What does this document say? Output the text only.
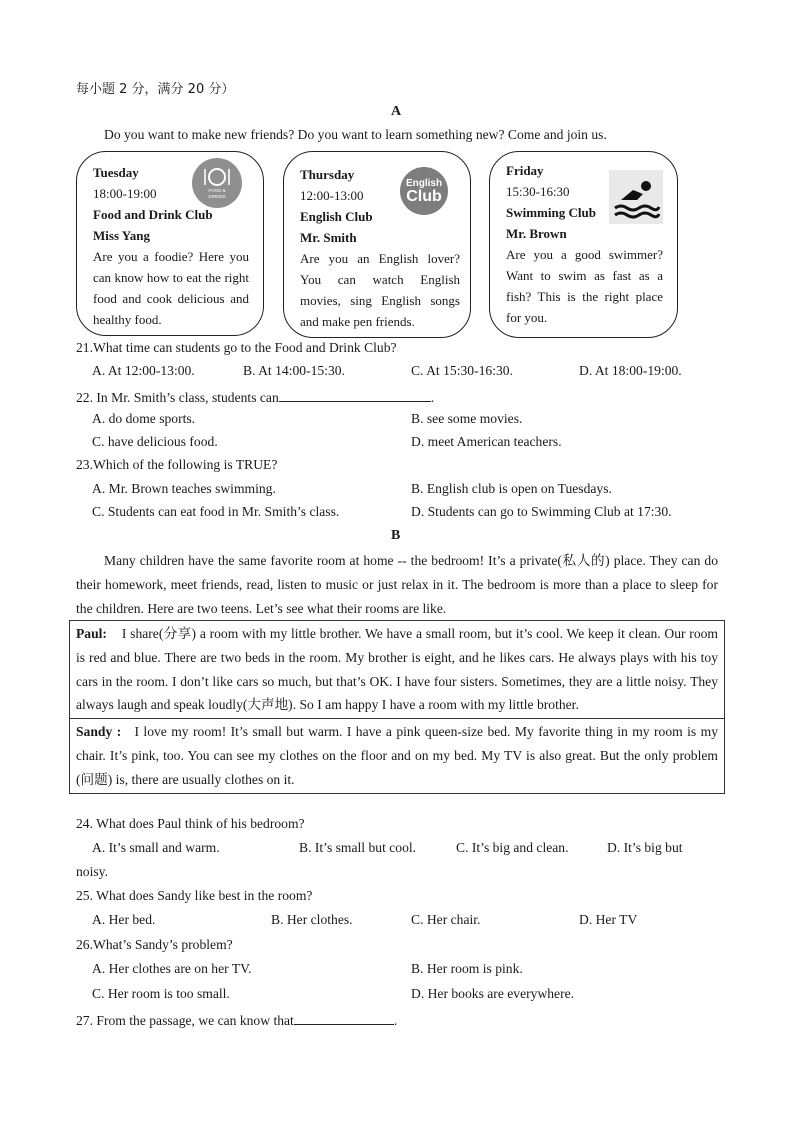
每小题 2 分，满分 20 分）
A
Do you want to make new friends? Do you want to learn something new? Come and join us.
Tuesday
18:00-19:00
Food and Drink Club
Miss Yang
Are you a foodie? Here you can know how to eat the right food and cook delicious and healthy food.
FOOD & DRINKS
Thursday
12:00-13:00
English Club
Mr. Smith
Are you an English lover? You can watch English movies, sing English songs and make pen friends.
English
Club
Friday
15:30-16:30
Swimming Club
Mr. Brown
Are you a good swimmer? Want to swim as fast as a fish? This is the right place for you.
21.What time can students go to the Food and Drink Club?
A. At 12:00-13:00.	B. At 14:00-15:30.	C. At 15:30-16:30.	D. At 18:00-19:00.
22. In Mr. Smith’s class, students can	.
A. do dome sports.	B. see some movies.
C. have delicious food.	D. meet American teachers.
23.Which of the following is TRUE?
A. Mr. Brown teaches swimming.	B. English club is open on Tuesdays.
C. Students can eat food in Mr. Smith’s class.	D. Students can go to Swimming Club at 17:30.
B
Many children have the same favorite room at home -- the bedroom! It’s a private(私人的) place. They can do their homework, meet friends, read, listen to music or just relax in it. The bedroom is more than a place to sleep for the children. Here are two teens. Let’s see what their rooms are like.
Paul: I share(分享) a room with my little brother. We have a small room, but it’s cool. We keep it clean. Our room is red and blue. There are two beds in the room. My brother is eight, and he likes cars. He always plays with his toy cars in the room. I don’t like cars so much, but that’s OK. I have four sisters. Sometimes, they are a little noisy. They always laugh and speak loudly(大声地). So I am happy I have a room with my little brother.
Sandy : I love my room! It’s small but warm. I have a pink queen-size bed. My favorite thing in my room is my chair. It’s pink, too. You can see my clothes on the floor and on my bed. My TV is also great. But the only problem (问题) is, there are usually clothes on it.
24. What does Paul think of his bedroom?
A. It’s small and warm.	B. It’s small but cool.	C. It’s big and clean.	D. It’s big but
noisy.
25. What does Sandy like best in the room?
A. Her bed.	B. Her clothes.	C. Her chair.	D. Her TV
26.What’s Sandy’s problem?
A. Her clothes are on her TV.	B. Her room is pink.
C. Her room is too small.	D. Her books are everywhere.
27. From the passage, we can know that	.
